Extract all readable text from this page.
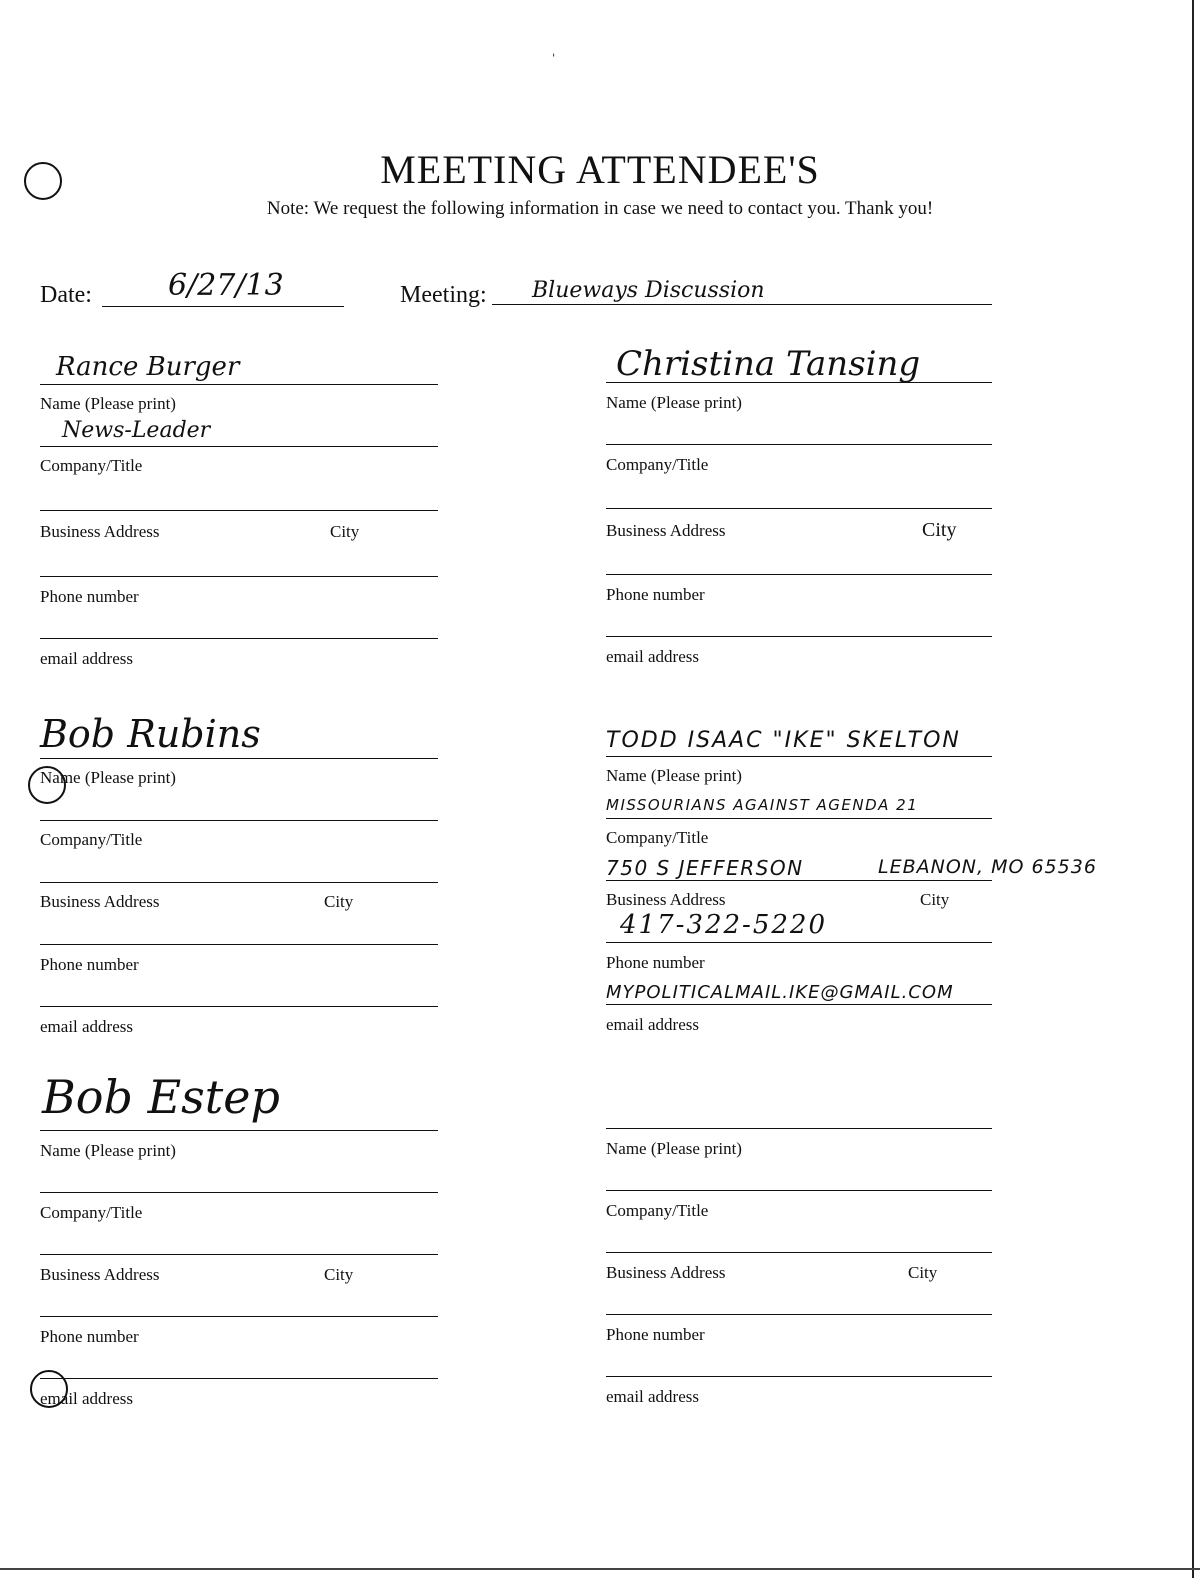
ˌ
MEETING ATTENDEE'S
Note: We request the following information in case we need to contact you. Thank you!
Date:	6/27/13	Meeting: Blueways Discussion
Rance Burger
Name (Please print)
News-Leader
Company/Title
Business Address	City
Phone number
email address
Christina Tansing
Name (Please print)
Company/Title
Business Address	City
Phone number
email address
Bob Rubins
Name (Please print)
Company/Title
Business Address	City
Phone number
email address
TODD ISAAC "IKE" SKELTON
Name (Please print)
MISSOURIANS AGAINST AGENDA 21
Company/Title
750 S JEFFERSON	LEBANON, MO 65536
Business Address	City
417-322-5220
Phone number
MYPOLITICALMAIL.IKE@GMAIL.COM
email address
Bob Estep
Name (Please print)
Company/Title
Business Address	City
Phone number
email address
Name (Please print)
Company/Title
Business Address	City
Phone number
email address
